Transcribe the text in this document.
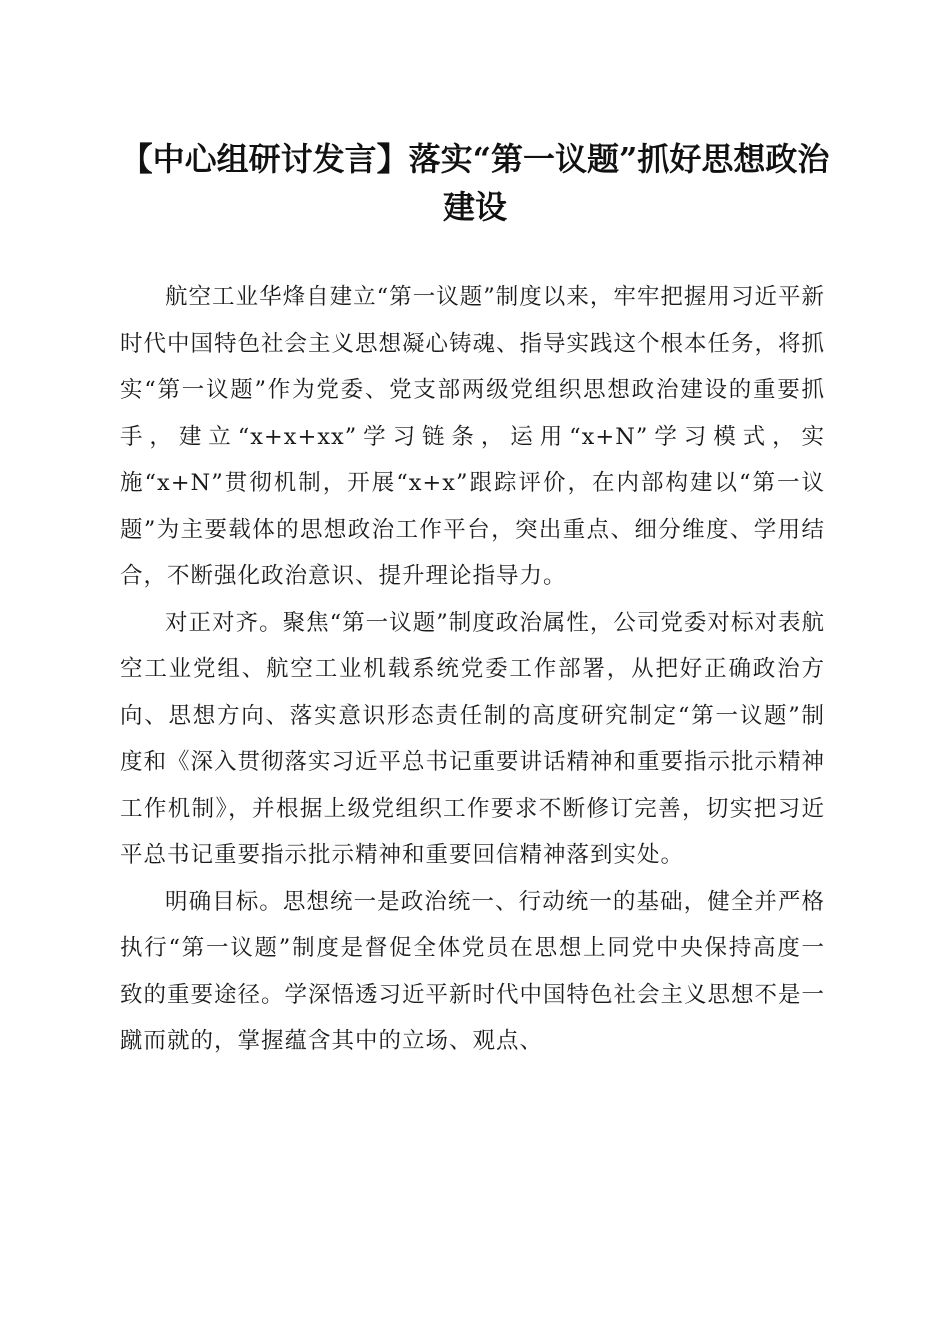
【中心组研讨发言】落实“第一议题”抓好思想政治建设

航空工业华烽自建立“第一议题”制度以来，牢牢把握用习近平新时代中国特色社会主义思想凝心铸魂、指导实践这个根本任务，将抓实“第一议题”作为党委、党支部两级党组织思想政治建设的重要抓手，建立“x+x+xx”学习链条，运用“x+N”学习模式，实施“x+N”贯彻机制，开展“x+x”跟踪评价，在内部构建以“第一议题”为主要载体的思想政治工作平台，突出重点、细分维度、学用结合，不断强化政治意识、提升理论指导力。

对正对齐。聚焦“第一议题”制度政治属性，公司党委对标对表航空工业党组、航空工业机载系统党委工作部署，从把好正确政治方向、思想方向、落实意识形态责任制的高度研究制定“第一议题”制度和《深入贯彻落实习近平总书记重要讲话精神和重要指示批示精神工作机制》，并根据上级党组织工作要求不断修订完善，切实把习近平总书记重要指示批示精神和重要回信精神落到实处。

明确目标。思想统一是政治统一、行动统一的基础，健全并严格执行“第一议题”制度是督促全体党员在思想上同党中央保持高度一致的重要途径。学深悟透习近平新时代中国特色社会主义思想不是一蹴而就的，掌握蕴含其中的立场、观点、
